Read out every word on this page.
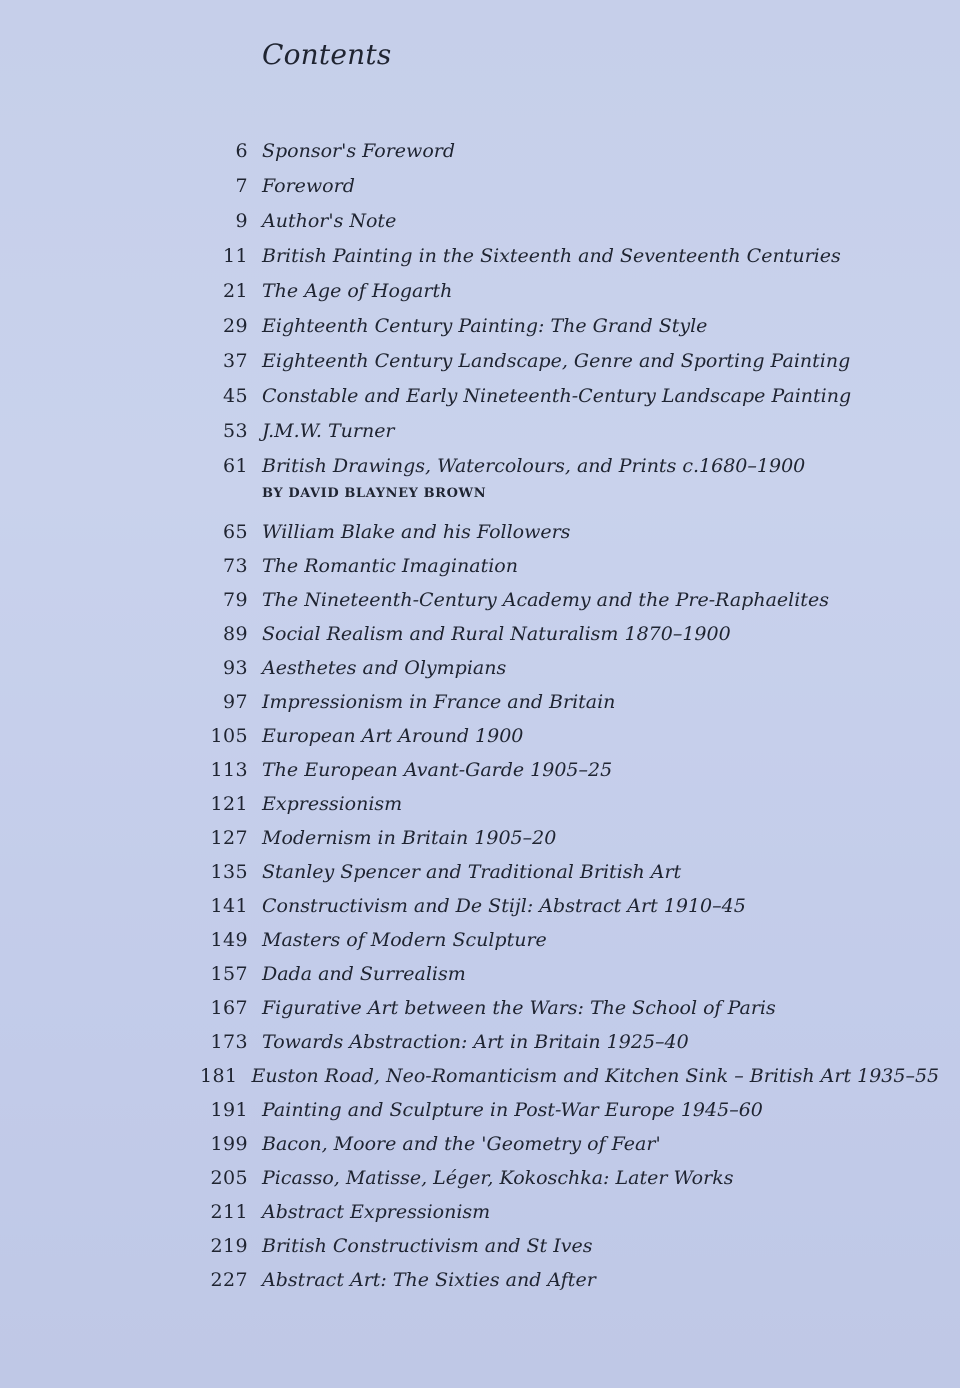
Contents
6 Sponsor's Foreword
7 Foreword
9 Author's Note
11 British Painting in the Sixteenth and Seventeenth Centuries
21 The Age of Hogarth
29 Eighteenth Century Painting: The Grand Style
37 Eighteenth Century Landscape, Genre and Sporting Painting
45 Constable and Early Nineteenth-Century Landscape Painting
53 J.M.W. Turner
61 British Drawings, Watercolours, and Prints c.1680–1900
65 William Blake and his Followers
73 The Romantic Imagination
79 The Nineteenth-Century Academy and the Pre-Raphaelites
89 Social Realism and Rural Naturalism 1870–1900
93 Aesthetes and Olympians
97 Impressionism in France and Britain
105 European Art Around 1900
113 The European Avant-Garde 1905–25
121 Expressionism
127 Modernism in Britain 1905–20
135 Stanley Spencer and Traditional British Art
141 Constructivism and De Stijl: Abstract Art 1910–45
149 Masters of Modern Sculpture
157 Dada and Surrealism
167 Figurative Art between the Wars: The School of Paris
173 Towards Abstraction: Art in Britain 1925–40
181 Euston Road, Neo-Romanticism and Kitchen Sink – British Art 1935–55
191 Painting and Sculpture in Post-War Europe 1945–60
199 Bacon, Moore and the 'Geometry of Fear'
205 Picasso, Matisse, Léger, Kokoschka: Later Works
211 Abstract Expressionism
219 British Constructivism and St Ives
227 Abstract Art: The Sixties and After
BY DAVID BLAYNEY BROWN
